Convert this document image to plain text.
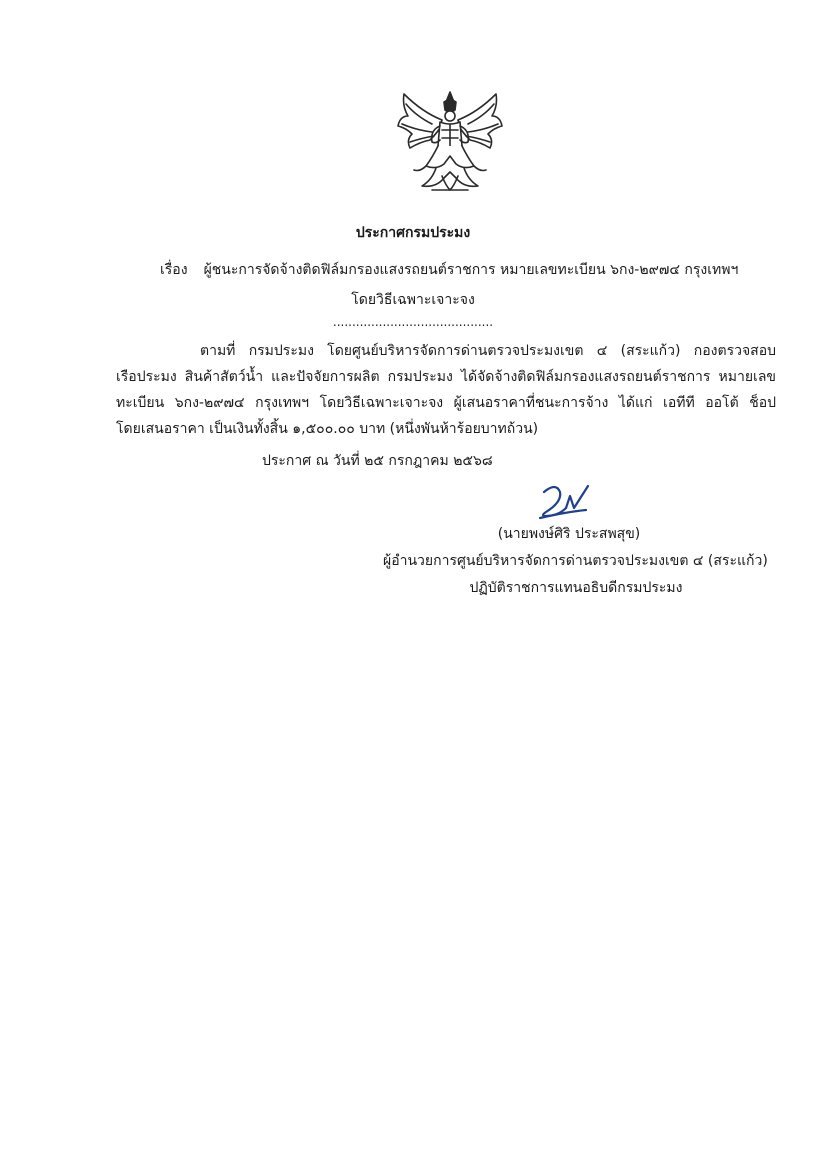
ประกาศกรมประมง
เรื่อง ผู้ชนะการจัดจ้างติดฟิล์มกรองแสงรถยนต์ราชการ หมายเลขทะเบียน ๖กง-๒๙๗๔ กรุงเทพฯ
โดยวิธีเฉพาะเจาะจง
..........................................
ตามที่ กรมประมง โดยศูนย์บริหารจัดการด่านตรวจประมงเขต ๔ (สระแก้ว) กองตรวจสอบ
เรือประมง สินค้าสัตว์น้ำ และปัจจัยการผลิต กรมประมง ได้จัดจ้างติดฟิล์มกรองแสงรถยนต์ราชการ หมายเลข
ทะเบียน ๖กง-๒๙๗๔ กรุงเทพฯ โดยวิธีเฉพาะเจาะจง ผู้เสนอราคาที่ชนะการจ้าง ได้แก่ เอทีที ออโต้ ช็อป
โดยเสนอราคา เป็นเงินทั้งสิ้น ๑,๕๐๐.๐๐ บาท (หนึ่งพันห้าร้อยบาทถ้วน)
ประกาศ ณ วันที่ ๒๕ กรกฎาคม ๒๕๖๘
(นายพงษ์ศิริ ประสพสุข)
ผู้อำนวยการศูนย์บริหารจัดการด่านตรวจประมงเขต ๔ (สระแก้ว)
ปฏิบัติราชการแทนอธิบดีกรมประมง
